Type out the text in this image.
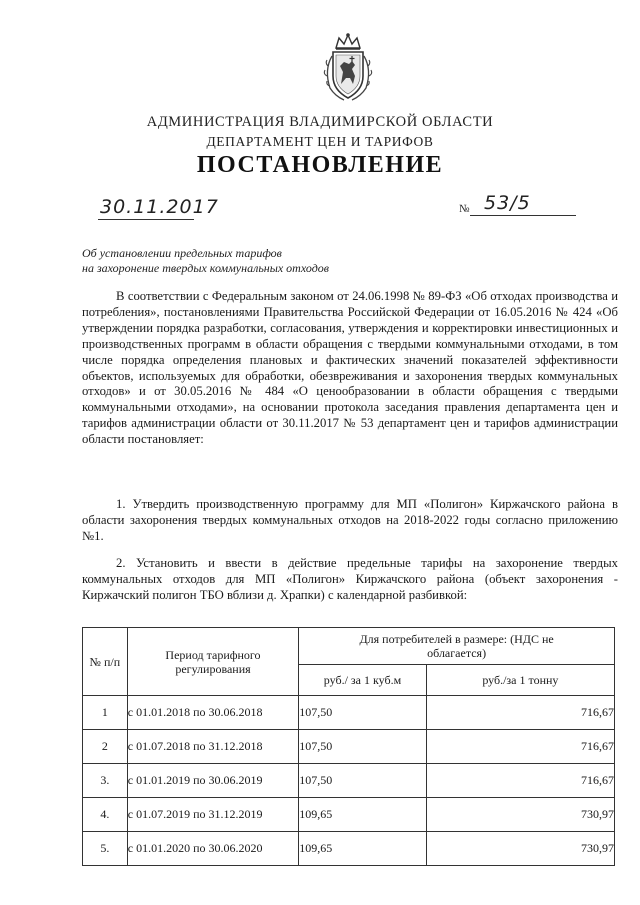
АДМИНИСТРАЦИЯ ВЛАДИМИРСКОЙ ОБЛАСТИ
ДЕПАРТАМЕНТ ЦЕН И ТАРИФОВ
ПОСТАНОВЛЕНИЕ
30.11.2017	№ 53/5
Об установлении предельных тарифов
на захоронение твердых коммунальных отходов
В соответствии с Федеральным законом от 24.06.1998 № 89-ФЗ «Об отходах производства и потребления», постановлениями Правительства Российской Федерации от 16.05.2016 № 424 «Об утверждении порядка разработки, согласования, утверждения и корректировки инвестиционных и производственных программ в области обращения с твердыми коммунальными отходами, в том числе порядка определения плановых и фактических значений показателей эффективности объектов, используемых для обработки, обезвреживания и захоронения твердых коммунальных отходов» и от 30.05.2016 № 484 «О ценообразовании в области обращения с твердыми коммунальными отходами», на основании протокола заседания правления департамента цен и тарифов администрации области от 30.11.2017 № 53 департамент цен и тарифов администрации области постановляет:
1. Утвердить производственную программу для МП «Полигон» Киржачского района в области захоронения твердых коммунальных отходов на 2018-2022 годы согласно приложению №1.
2. Установить и ввести в действие предельные тарифы на захоронение твердых коммунальных отходов для МП «Полигон» Киржачского района (объект захоронения - Киржачский полигон ТБО вблизи д. Храпки) с календарной разбивкой:
№ п/п	Период тарифного регулирования	Для потребителей в размере: (НДС не облагается)	

		руб./ за 1 куб.м	руб./за 1 тонну
1	с 01.01.2018 по 30.06.2018	107,50	716,67
2	с 01.07.2018 по 31.12.2018	107,50	716,67
3.	с 01.01.2019 по 30.06.2019	107,50	716,67
4.	с 01.07.2019 по 31.12.2019	109,65	730,97
5.	с 01.01.2020 по 30.06.2020	109,65	730,97
